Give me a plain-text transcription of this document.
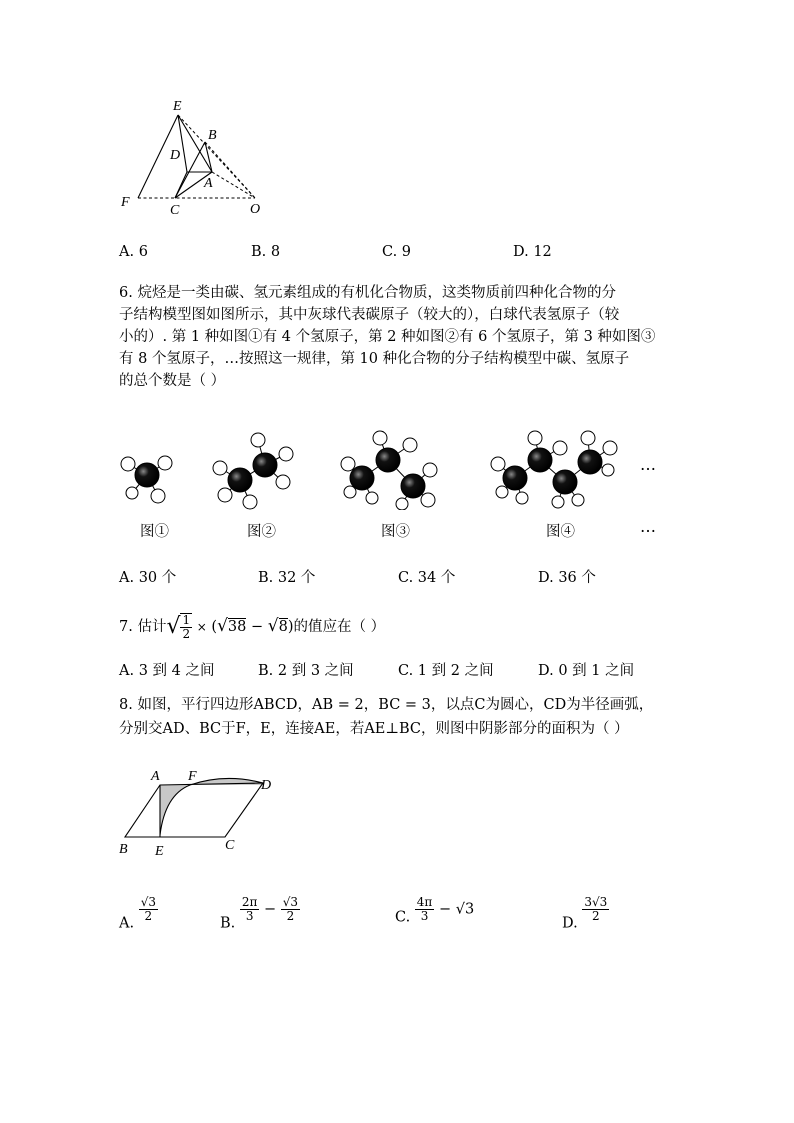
E
B
D
A
F
C	O
A. 6	B. 8	C. 9	D. 12
6. 烷烃是一类由碳、氢元素组成的有机化合物质，这类物质前四种化合物的分
子结构模型图如图所示，其中灰球代表碳原子（较大的），白球代表氢原子（较
小的）. 第 1 种如图①有 4 个氢原子，第 2 种如图②有 6 个氢原子，第 3 种如图③
有 8 个氢原子，…按照这一规律，第 10 种化合物的分子结构模型中碳、氢原子
的总个数是（ ）
…
图①	图②	图③	图④	…
A. 30 个	B. 32 个	C. 34 个	D. 36 个
7. 估计√ $\frac{1}{2} \times (√38 - √8)$的值应在（ ）
A. 3 到 4 之间	B. 2 到 3 之间	C. 1 到 2 之间	D. 0 到 1 之间
8. 如图，平行四边形ABCD，AB = 2，BC = 3，以点C为圆心，CD为半径画弧，
分别交AD、BC于F，E，连接AE，若AE⊥BC，则图中阴影部分的面积为（ ）
A F
D
B E	C
A.
$\frac{√3}{2}$
B.
$\frac{2\pi}{3} - \frac{√3}{2}$	C. $\frac{4\pi}{3} - √3$
D.
$\frac{3√3}{2}$
